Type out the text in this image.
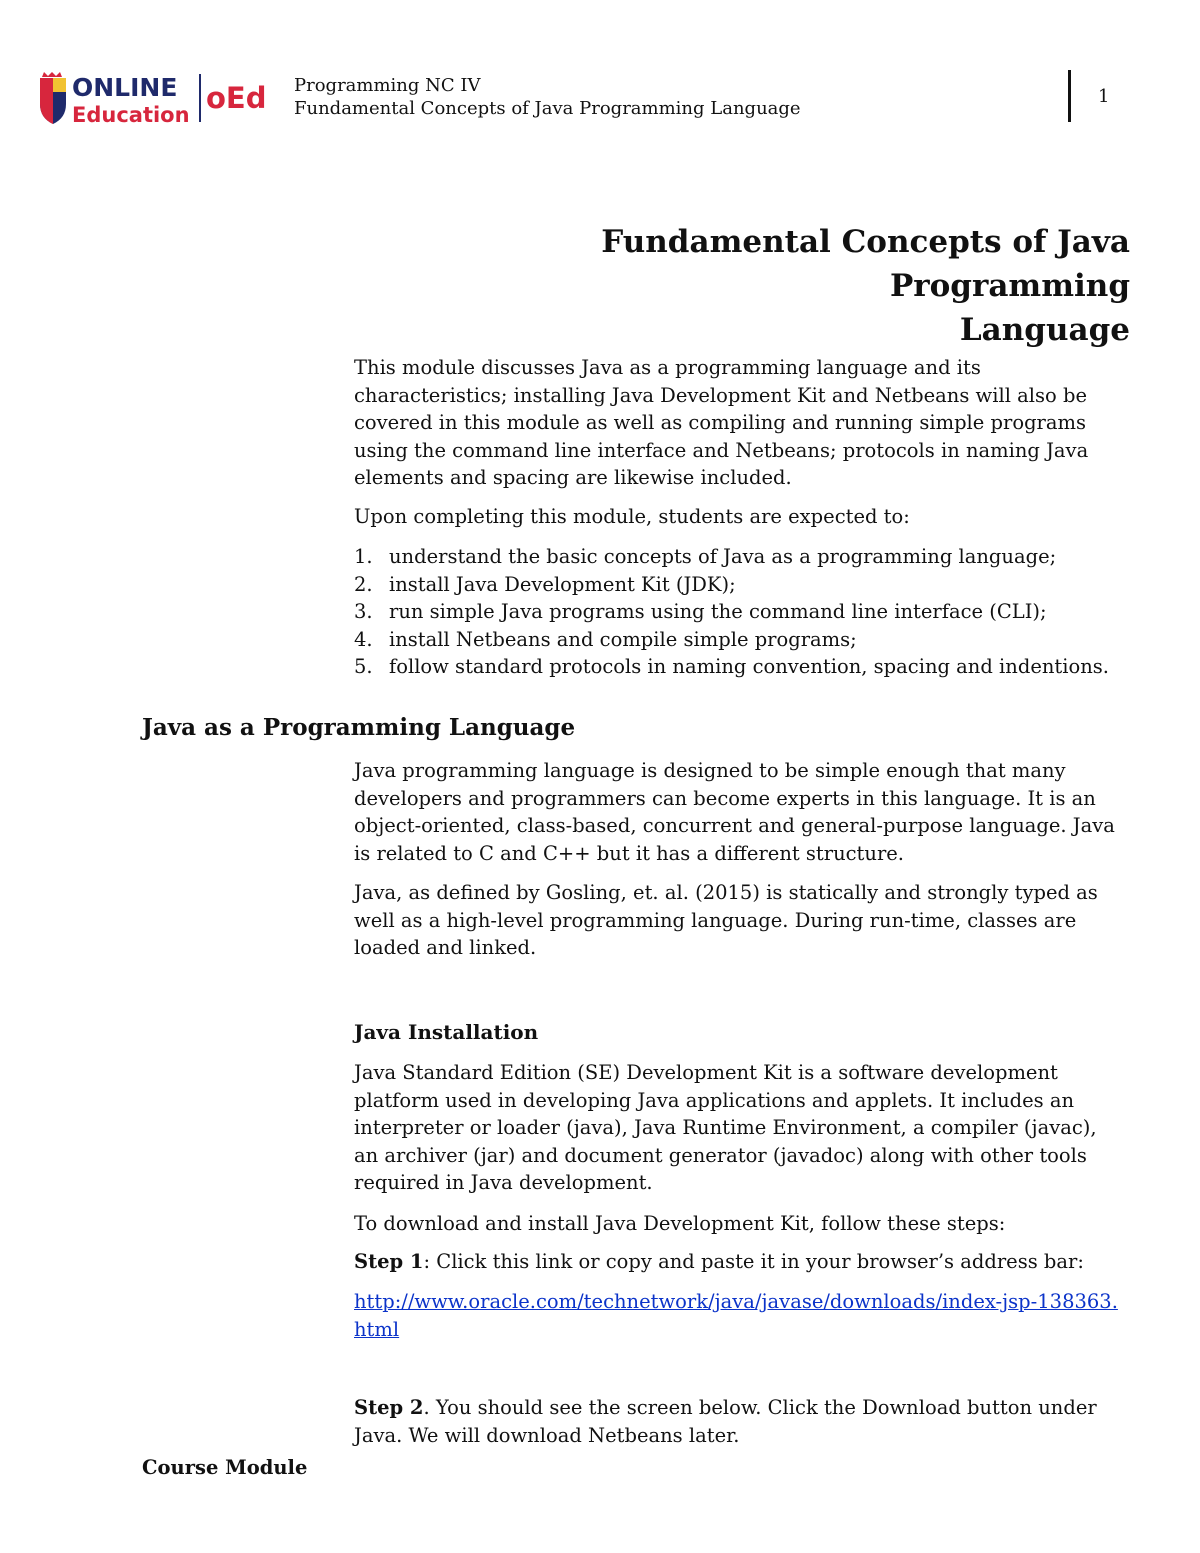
ONLINE
Education oEd Programming NC IV
Fundamental Concepts of Java Programming Language
1
Fundamental Concepts of Java Programming
Language

This module discusses Java as a programming language and its characteristics; installing Java Development Kit and Netbeans will also be covered in this module as well as compiling and running simple programs using the command line interface and Netbeans; protocols in naming Java elements and spacing are likewise included.

Upon completing this module, students are expected to:

1. understand the basic concepts of Java as a programming language;
2. install Java Development Kit (JDK);
3. run simple Java programs using the command line interface (CLI);
4. install Netbeans and compile simple programs;
5. follow standard protocols in naming convention, spacing and indentions.
Java as a Programming Language

Java programming language is designed to be simple enough that many developers and programmers can become experts in this language. It is an object-oriented, class-based, concurrent and general-purpose language. Java is related to C and C++ but it has a different structure.

Java, as defined by Gosling, et. al. (2015) is statically and strongly typed as well as a high-level programming language. During run-time, classes are loaded and linked.

Java Installation

Java Standard Edition (SE) Development Kit is a software development platform used in developing Java applications and applets. It includes an interpreter or loader (java), Java Runtime Environment, a compiler (javac), an archiver (jar) and document generator (javadoc) along with other tools required in Java development.

To download and install Java Development Kit, follow these steps:

Step 1: Click this link or copy and paste it in your browser’s address bar:

http://www.oracle.com/technetwork/java/javase/downloads/index-jsp-138363.html

Step 2. You should see the screen below. Click the Download button under Java. We will download Netbeans later.

Course Module
